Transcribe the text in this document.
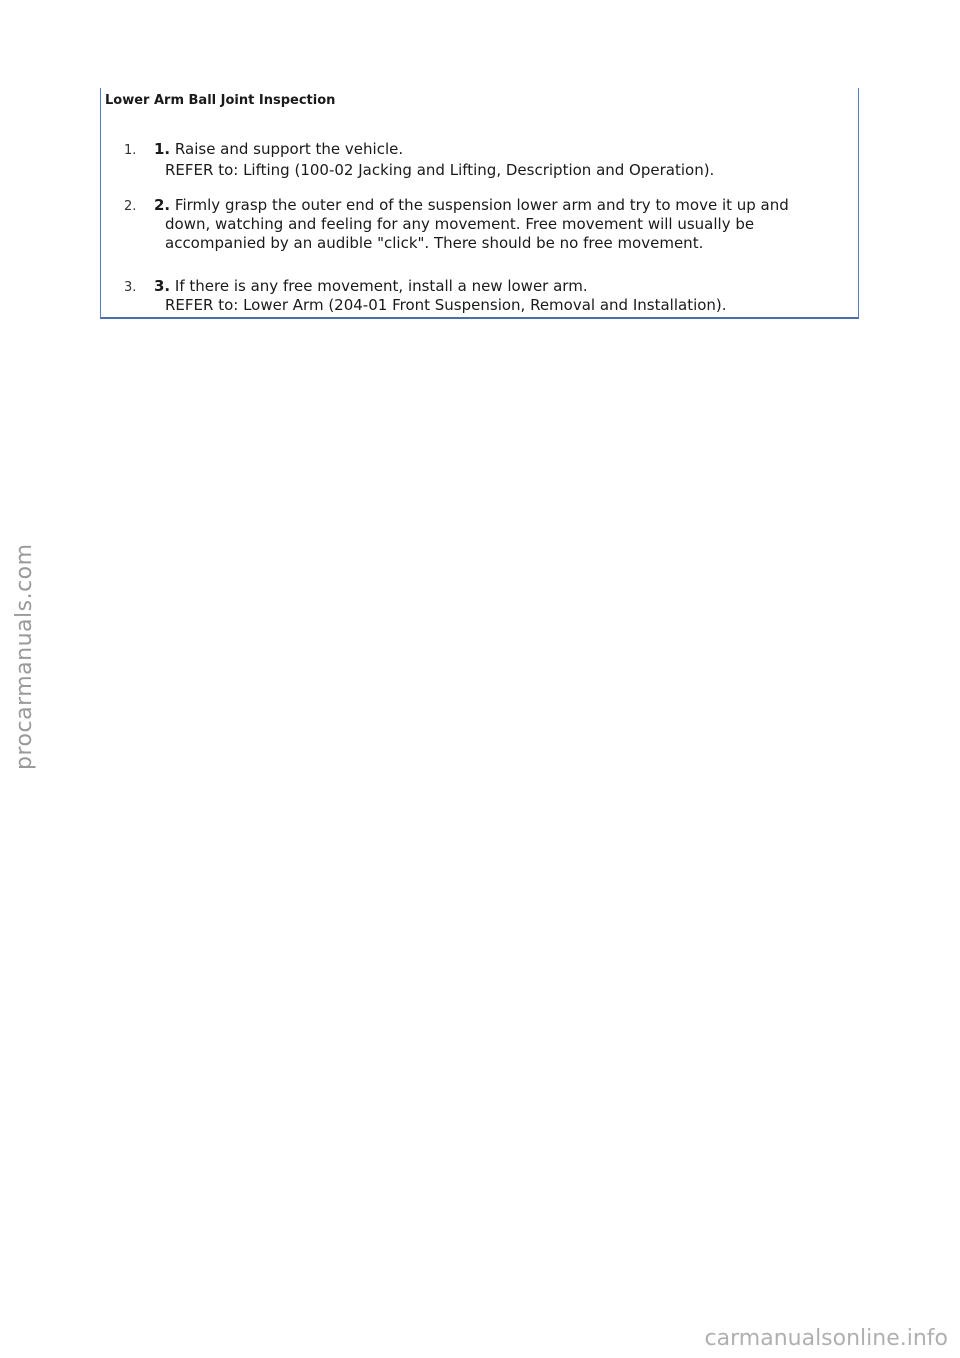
Lower Arm Ball Joint Inspection
1. 1. Raise and support the vehicle.
REFER to: Lifting (100-02 Jacking and Lifting, Description and Operation).
2. 2. Firmly grasp the outer end of the suspension lower arm and try to move it up and
down, watching and feeling for any movement. Free movement will usually be
accompanied by an audible "click". There should be no free movement.
3. 3. If there is any free movement, install a new lower arm.
REFER to: Lower Arm (204-01 Front Suspension, Removal and Installation).
procarmanuals.com
carmanualsonline.info
